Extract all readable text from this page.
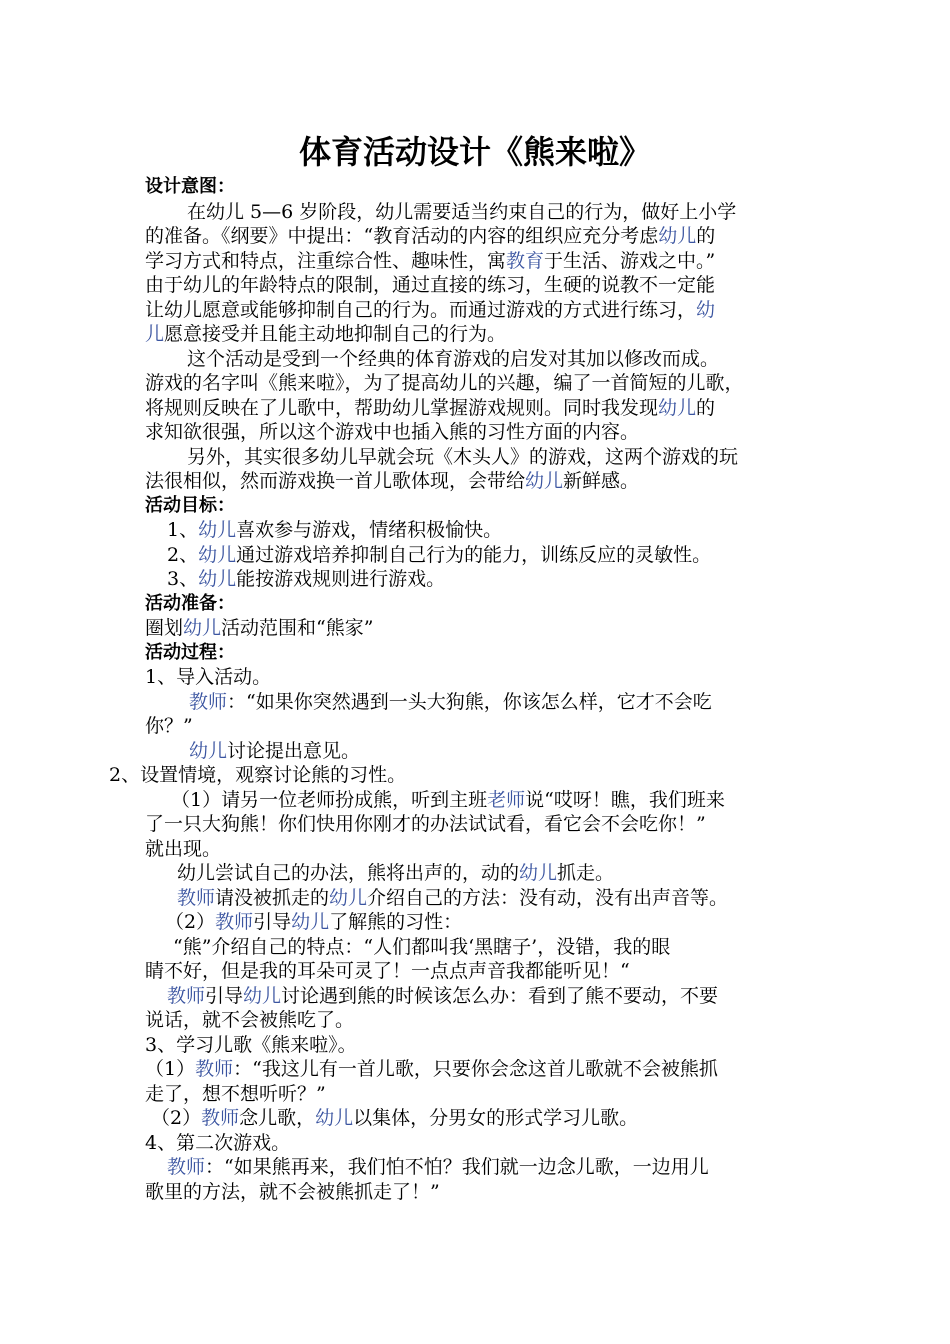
体育活动设计《熊来啦》
设计意图：
在幼儿 5—6 岁阶段，幼儿需要适当约束自己的行为，做好上小学
的准备。《纲要》中提出：“教育活动的内容的组织应充分考虑幼儿的
学习方式和特点，注重综合性、趣味性，寓教育于生活、游戏之中。”
由于幼儿的年龄特点的限制，通过直接的练习，生硬的说教不一定能
让幼儿愿意或能够抑制自己的行为。而通过游戏的方式进行练习，幼
儿愿意接受并且能主动地抑制自己的行为。
这个活动是受到一个经典的体育游戏的启发对其加以修改而成。
游戏的名字叫《熊来啦》，为了提高幼儿的兴趣，编了一首简短的儿歌，
将规则反映在了儿歌中，帮助幼儿掌握游戏规则。同时我发现幼儿的
求知欲很强，所以这个游戏中也插入熊的习性方面的内容。
另外，其实很多幼儿早就会玩《木头人》的游戏，这两个游戏的玩
法很相似，然而游戏换一首儿歌体现，会带给幼儿新鲜感。
活动目标：
1、幼儿喜欢参与游戏，情绪积极愉快。
2、幼儿通过游戏培养抑制自己行为的能力，训练反应的灵敏性。
3、幼儿能按游戏规则进行游戏。
活动准备：
圈划幼儿活动范围和“熊家”
活动过程：
1、导入活动。
教师：“如果你突然遇到一头大狗熊，你该怎么样，它才不会吃
你？”
幼儿讨论提出意见。
2、设置情境，观察讨论熊的习性。
（1）请另一位老师扮成熊，听到主班老师说“哎呀！瞧，我们班来
了一只大狗熊！你们快用你刚才的办法试试看，看它会不会吃你！”
就出现。
幼儿尝试自己的办法，熊将出声的，动的幼儿抓走。
教师请没被抓走的幼儿介绍自己的方法：没有动，没有出声音等。
（2）教师引导幼儿了解熊的习性：
“熊”介绍自己的特点：“人们都叫我‘黑瞎子’，没错，我的眼
睛不好，但是我的耳朵可灵了！一点点声音我都能听见！“
教师引导幼儿讨论遇到熊的时候该怎么办：看到了熊不要动，不要
说话，就不会被熊吃了。
3、学习儿歌《熊来啦》。
（1）教师：“我这儿有一首儿歌，只要你会念这首儿歌就不会被熊抓
走了，想不想听听？”
（2）教师念儿歌，幼儿以集体，分男女的形式学习儿歌。
4、第二次游戏。
教师：“如果熊再来，我们怕不怕？我们就一边念儿歌，一边用儿
歌里的方法，就不会被熊抓走了！”
